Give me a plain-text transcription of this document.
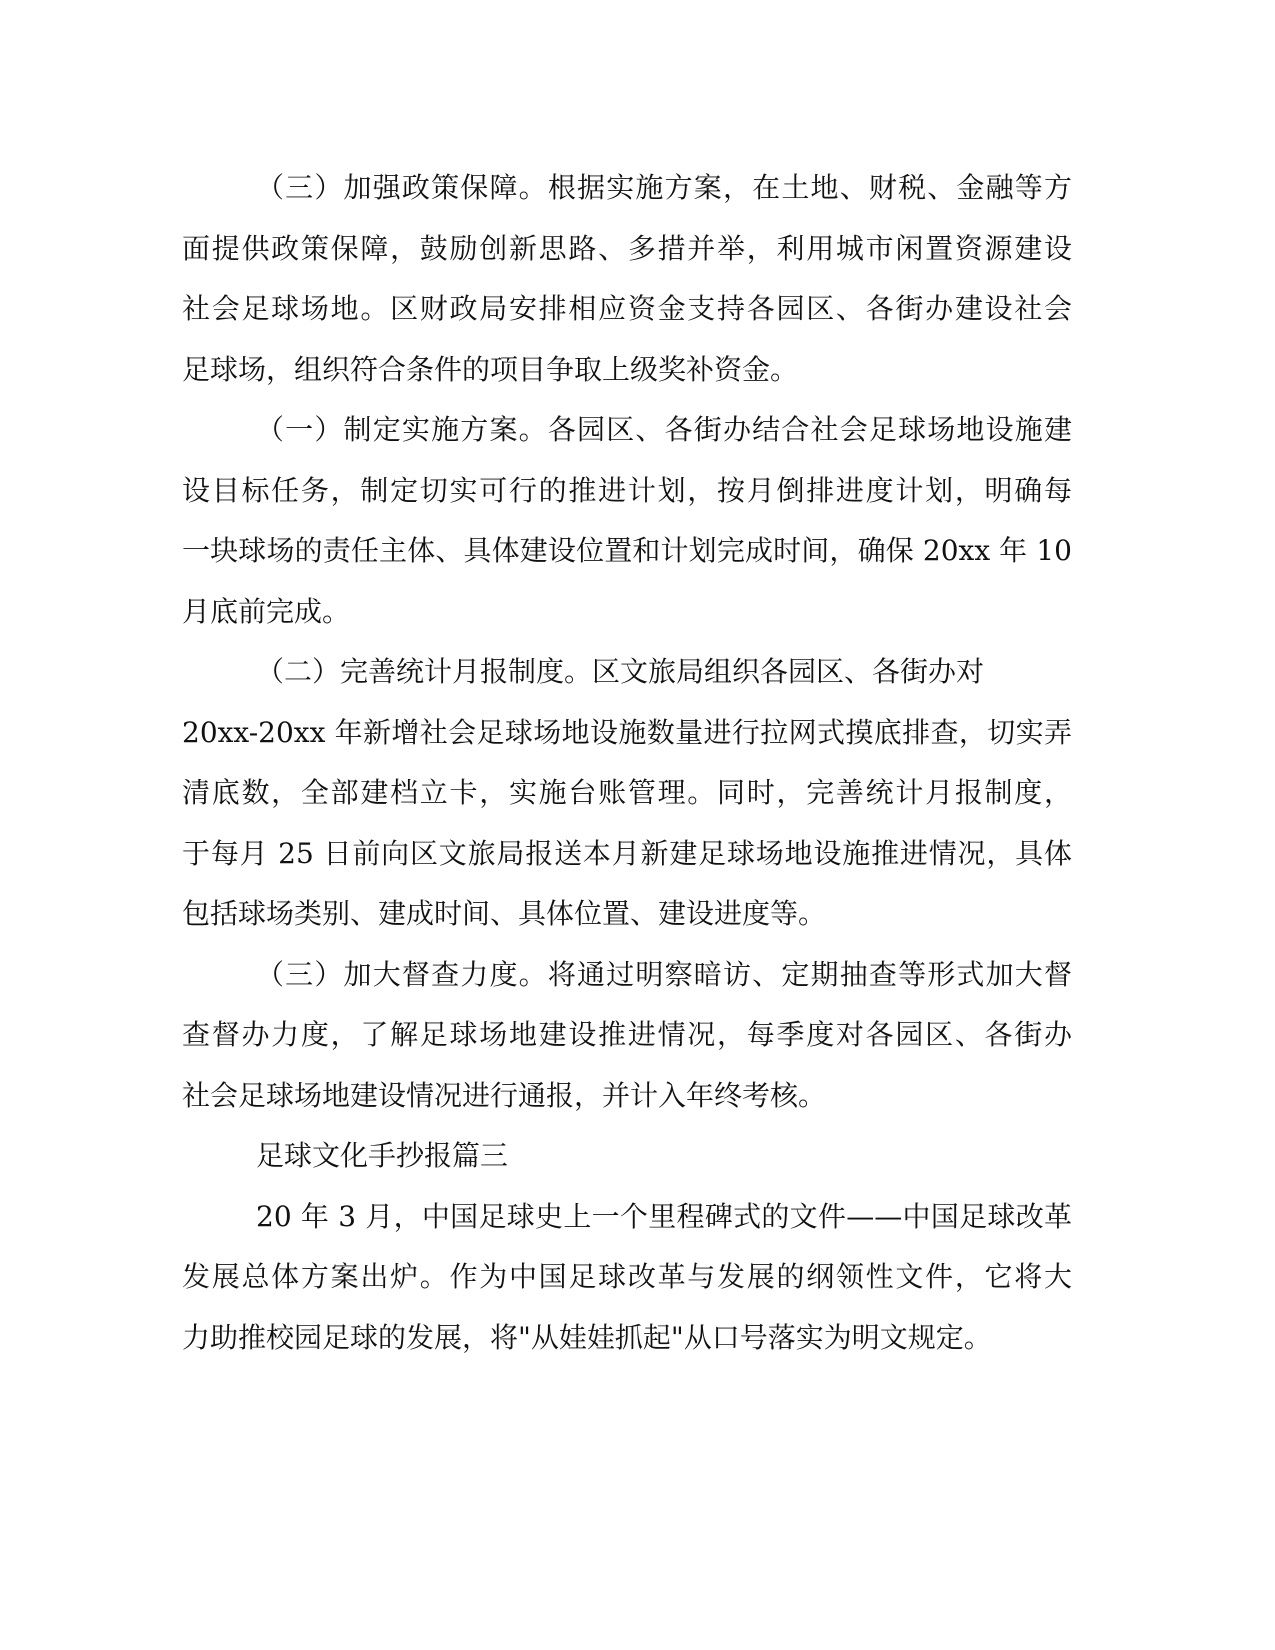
（三）加强政策保障。根据实施方案，在土地、财税、金融等方
面提供政策保障，鼓励创新思路、多措并举，利用城市闲置资源建设
社会足球场地。区财政局安排相应资金支持各园区、各街办建设社会
足球场，组织符合条件的项目争取上级奖补资金。
（一）制定实施方案。各园区、各街办结合社会足球场地设施建
设目标任务，制定切实可行的推进计划，按月倒排进度计划，明确每
一块球场的责任主体、具体建设位置和计划完成时间，确保 20xx 年 10
月底前完成。
（二）完善统计月报制度。区文旅局组织各园区、各街办对
20xx-20xx 年新增社会足球场地设施数量进行拉网式摸底排查，切实弄
清底数，全部建档立卡，实施台账管理。同时，完善统计月报制度，
于每月 25 日前向区文旅局报送本月新建足球场地设施推进情况，具体
包括球场类别、建成时间、具体位置、建设进度等。
（三）加大督查力度。将通过明察暗访、定期抽查等形式加大督
查督办力度，了解足球场地建设推进情况，每季度对各园区、各街办
社会足球场地建设情况进行通报，并计入年终考核。
足球文化手抄报篇三
20 年 3 月，中国足球史上一个里程碑式的文件——中国足球改革
发展总体方案出炉。作为中国足球改革与发展的纲领性文件，它将大
力助推校园足球的发展，将"从娃娃抓起"从口号落实为明文规定。
